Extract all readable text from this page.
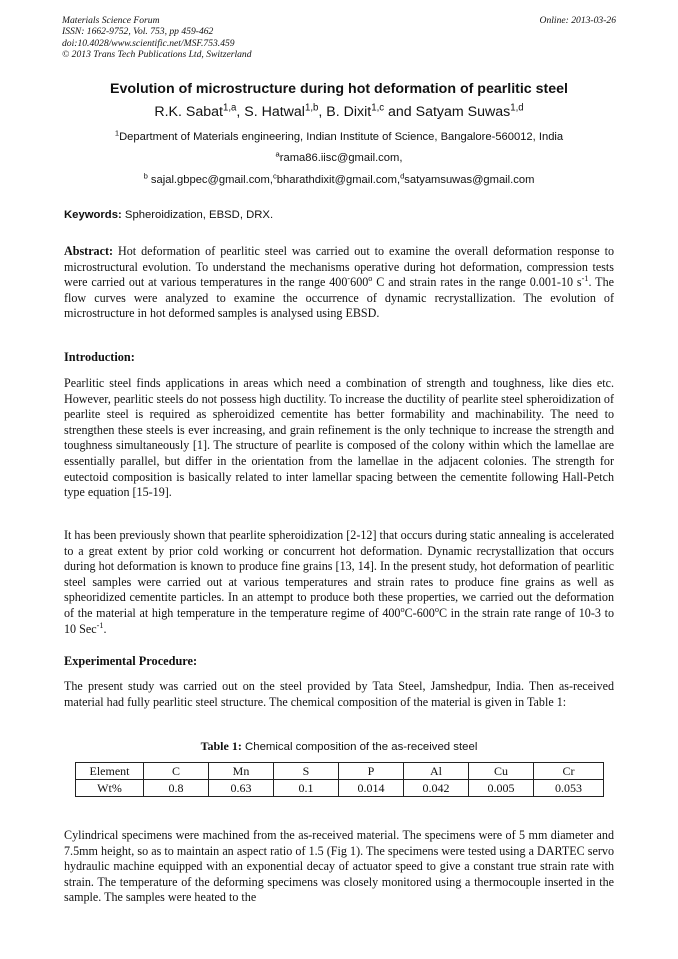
Materials Science Forum
ISSN: 1662-9752, Vol. 753, pp 459-462
doi:10.4028/www.scientific.net/MSF.753.459
© 2013 Trans Tech Publications Ltd, Switzerland
Online: 2013-03-26
Evolution of microstructure during hot deformation of pearlitic steel
R.K. Sabat$^{1,a}$, S. Hatwal$^{1,b}$, B. Dixit$^{1,c}$ and Satyam Suwas$^{1,d}$
$^1$Department of Materials engineering, Indian Institute of Science, Bangalore-560012, India
$^a$rama86.iisc@gmail.com,
$^b$ sajal.gbpec@gmail.com,$^c$bharathdixit@gmail.com,$^d$satyamsuwas@gmail.com
Keywords: Spheroidization, EBSD, DRX.
Abstract: Hot deformation of pearlitic steel was carried out to examine the overall deformation response to microstructural evolution. To understand the mechanisms operative during hot deformation, compression tests were carried out at various temperatures in the range 400-600$^o$ C and strain rates in the range 0.001-10 $s^{-1}$. The flow curves were analyzed to examine the occurrence of dynamic recrystallization. The evolution of microstructure in hot deformed samples is analysed using EBSD.
Introduction:
Pearlitic steel finds applications in areas which need a combination of strength and toughness, like dies etc. However, pearlitic steels do not possess high ductility. To increase the ductility of pearlite steel spheroidization of pearlite steel is required as spheroidized cementite has better formability and machinability. The need to strengthen these steels is ever increasing, and grain refinement is the only technique to increase the strength and toughness simultaneously [1]. The structure of pearlite is composed of the colony within which the lamellae are essentially parallel, but differ in the orientation from the lamellae in the adjacent colonies. The strength for eutectoid composition is basically related to inter lamellar spacing between the cementite following Hall-Petch type equation [15-19].
It has been previously shown that pearlite spheroidization [2-12] that occurs during static annealing is accelerated to a great extent by prior cold working or concurrent hot deformation. Dynamic recrystallization that occurs during hot deformation is known to produce fine grains [13, 14]. In the present study, hot deformation of pearlitic steel samples were carried out at various temperatures and strain rates to produce fine grains as well as spheoridized cementite particles. In an attempt to produce both these properties, we carried out the deformation of the material at high temperature in the temperature regime of 400$^o$C-600$^o$C in the strain rate range of 10-3 to 10 Sec$^{-1}$.
Experimental Procedure:
The present study was carried out on the steel provided by Tata Steel, Jamshedpur, India. Then as-received material had fully pearlitic steel structure. The chemical composition of the material is given in Table 1:
Table 1: Chemical composition of the as-received steel
Element	C	Mn	S	P	Al	Cu	Cr
Wt%	0.8	0.63	0.1	0.014	0.042	0.005	0.053
Cylindrical specimens were machined from the as-received material. The specimens were of 5 mm diameter and 7.5mm height, so as to maintain an aspect ratio of 1.5 (Fig 1). The specimens were tested using a DARTEC servo hydraulic machine equipped with an exponential decay of actuator speed to give a constant true strain rate with strain. The temperature of the deforming specimens was closely monitored using a thermocouple inserted in the sample. The samples were heated to the
